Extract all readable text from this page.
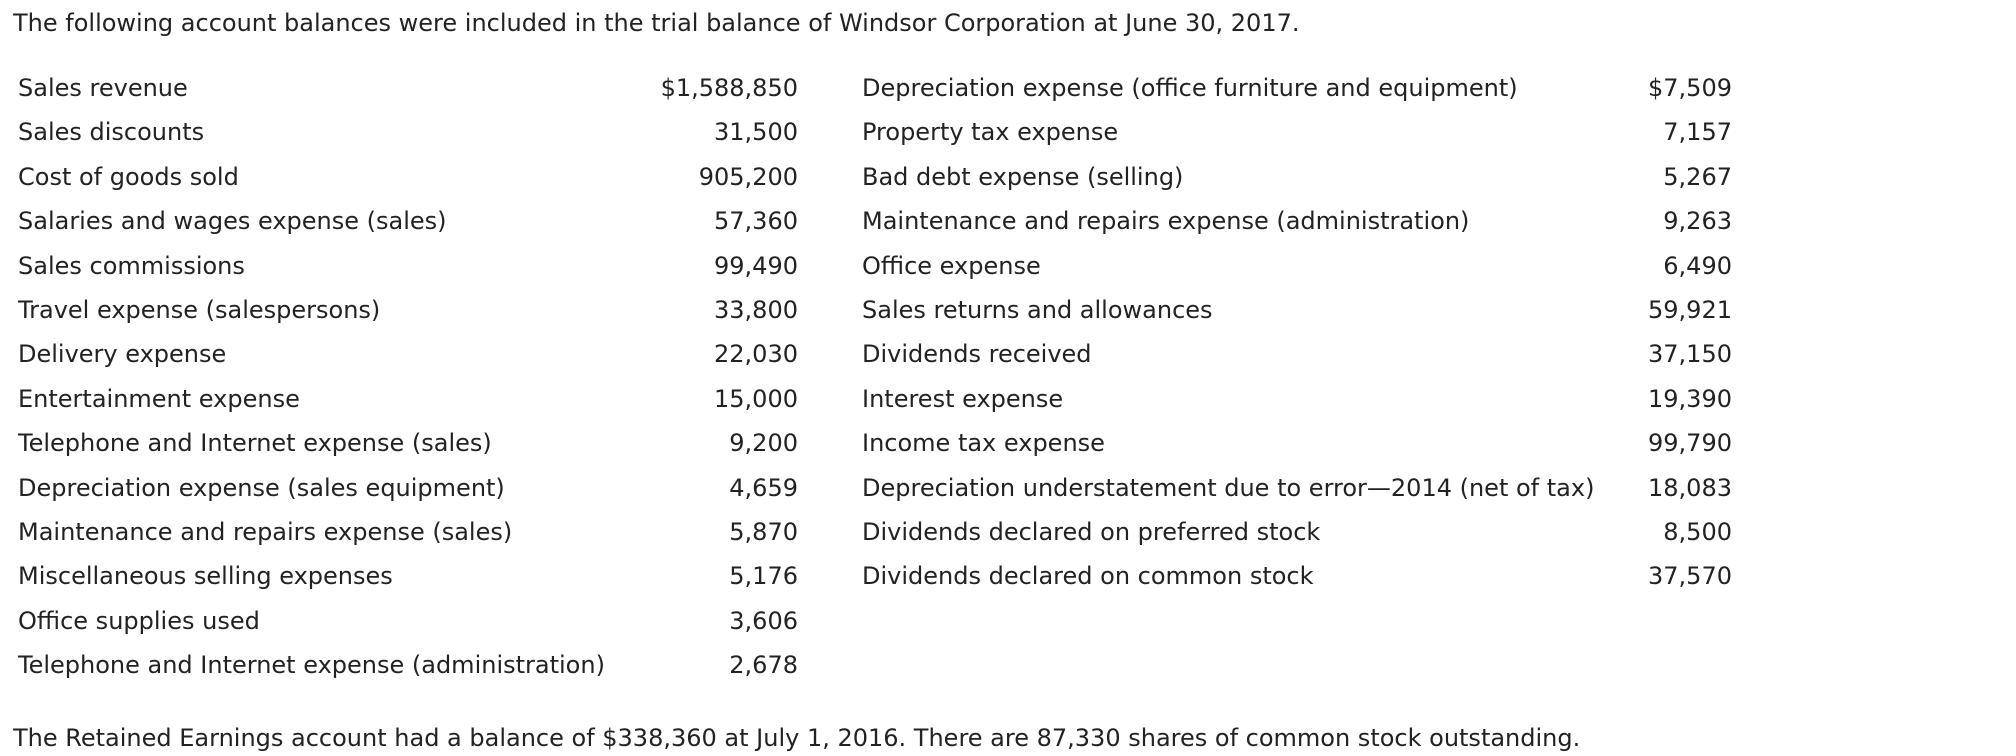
The following account balances were included in the trial balance of Windsor Corporation at June 30, 2017.
Sales revenue	$1,588,850
Sales discounts	31,500
Cost of goods sold	905,200
Salaries and wages expense (sales)	57,360
Sales commissions	99,490
Travel expense (salespersons)	33,800
Delivery expense	22,030
Entertainment expense	15,000
Telephone and Internet expense (sales)	9,200
Depreciation expense (sales equipment)	4,659
Maintenance and repairs expense (sales)	5,870
Miscellaneous selling expenses	5,176
Office supplies used	3,606
Telephone and Internet expense (administration)	2,678
Depreciation expense (office furniture and equipment)	$7,509
Property tax expense	7,157
Bad debt expense (selling)	5,267
Maintenance and repairs expense (administration)	9,263
Office expense	6,490
Sales returns and allowances	59,921
Dividends received	37,150
Interest expense	19,390
Income tax expense	99,790
Depreciation understatement due to error—2014 (net of tax) 18,083
Dividends declared on preferred stock	8,500
Dividends declared on common stock	37,570
The Retained Earnings account had a balance of $338,360 at July 1, 2016. There are 87,330 shares of common stock outstanding.
